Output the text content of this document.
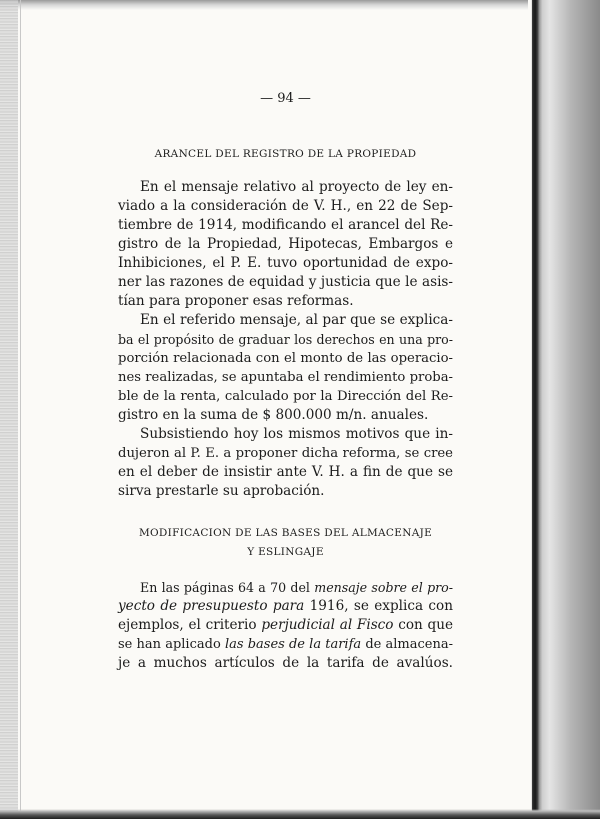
— 94 —
ARANCEL DEL REGISTRO DE LA PROPIEDAD
En el mensaje relativo al proyecto de ley en-
viado a la consideración de V. H., en 22 de Sep-
tiembre de 1914, modificando el arancel del Re-
gistro de la Propiedad, Hipotecas, Embargos e
Inhibiciones, el P. E. tuvo oportunidad de expo-
ner las razones de equidad y justicia que le asis-
tían para proponer esas reformas.
En el referido mensaje, al par que se explica-
ba el propósito de graduar los derechos en una pro-
porción relacionada con el monto de las operacio-
nes realizadas, se apuntaba el rendimiento proba-
ble de la renta, calculado por la Dirección del Re-
gistro en la suma de $ 800.000 m/n. anuales.
Subsistiendo hoy los mismos motivos que in-
dujeron al P. E. a proponer dicha reforma, se cree
en el deber de insistir ante V. H. a fin de que se
sirva prestarle su aprobación.
MODIFICACION DE LAS BASES DEL ALMACENAJE
Y ESLINGAJE
En las páginas 64 a 70 del mensaje sobre el pro-
yecto de presupuesto para 1916, se explica con
ejemplos, el criterio perjudicial al Fisco con que
se han aplicado las bases de la tarifa de almacena-
je a muchos artículos de la tarifa de avalúos.
